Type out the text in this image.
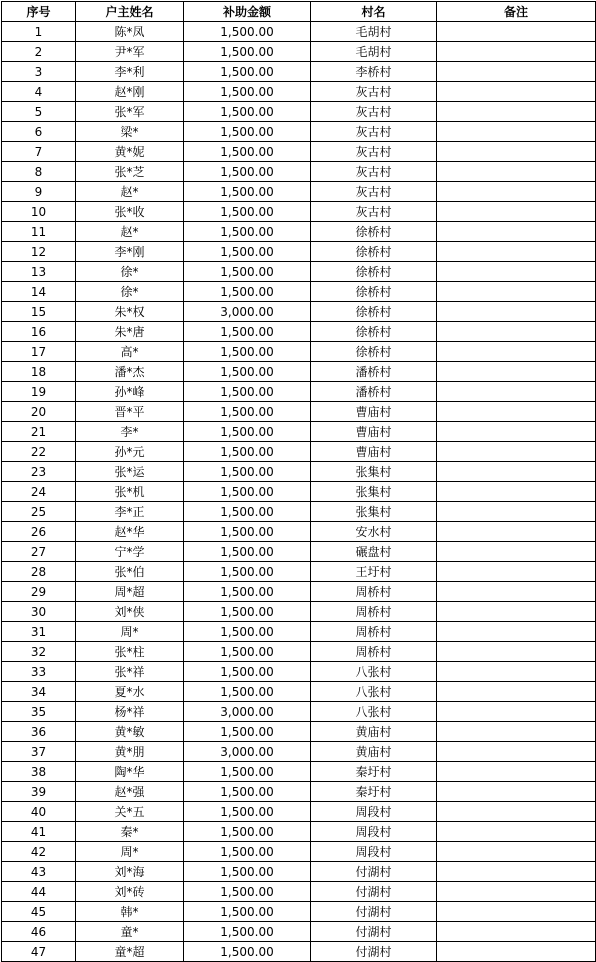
序号	户主姓名	补助金额	村名	备注
1	陈*凤	1,500.00	毛胡村	
2	尹*军	1,500.00	毛胡村	
3	李*利	1,500.00	李桥村	
4	赵*刚	1,500.00	灰古村	
5	张*军	1,500.00	灰古村	
6	梁*	1,500.00	灰古村	
7	黄*妮	1,500.00	灰古村	
8	张*芝	1,500.00	灰古村	
9	赵*	1,500.00	灰古村	
10	张*收	1,500.00	灰古村	
11	赵*	1,500.00	徐桥村	
12	李*刚	1,500.00	徐桥村	
13	徐*	1,500.00	徐桥村	
14	徐*	1,500.00	徐桥村	
15	朱*权	3,000.00	徐桥村	
16	朱*唐	1,500.00	徐桥村	
17	高*	1,500.00	徐桥村	
18	潘*杰	1,500.00	潘桥村	
19	孙*峰	1,500.00	潘桥村	
20	晋*平	1,500.00	曹庙村	
21	李*	1,500.00	曹庙村	
22	孙*元	1,500.00	曹庙村	
23	张*运	1,500.00	张集村	
24	张*机	1,500.00	张集村	
25	李*正	1,500.00	张集村	
26	赵*华	1,500.00	安水村	
27	宁*学	1,500.00	碾盘村	
28	张*伯	1,500.00	王圩村	
29	周*超	1,500.00	周桥村	
30	刘*侠	1,500.00	周桥村	
31	周*	1,500.00	周桥村	
32	张*柱	1,500.00	周桥村	
33	张*祥	1,500.00	八张村	
34	夏*水	1,500.00	八张村	
35	杨*祥	3,000.00	八张村	
36	黄*敏	1,500.00	黄庙村	
37	黄*朋	3,000.00	黄庙村	
38	陶*华	1,500.00	秦圩村	
39	赵*强	1,500.00	秦圩村	
40	关*五	1,500.00	周段村	
41	秦*	1,500.00	周段村	
42	周*	1,500.00	周段村	
43	刘*海	1,500.00	付湖村	
44	刘*砖	1,500.00	付湖村	
45	韩*	1,500.00	付湖村	
46	童*	1,500.00	付湖村	
47	童*超	1,500.00	付湖村	
